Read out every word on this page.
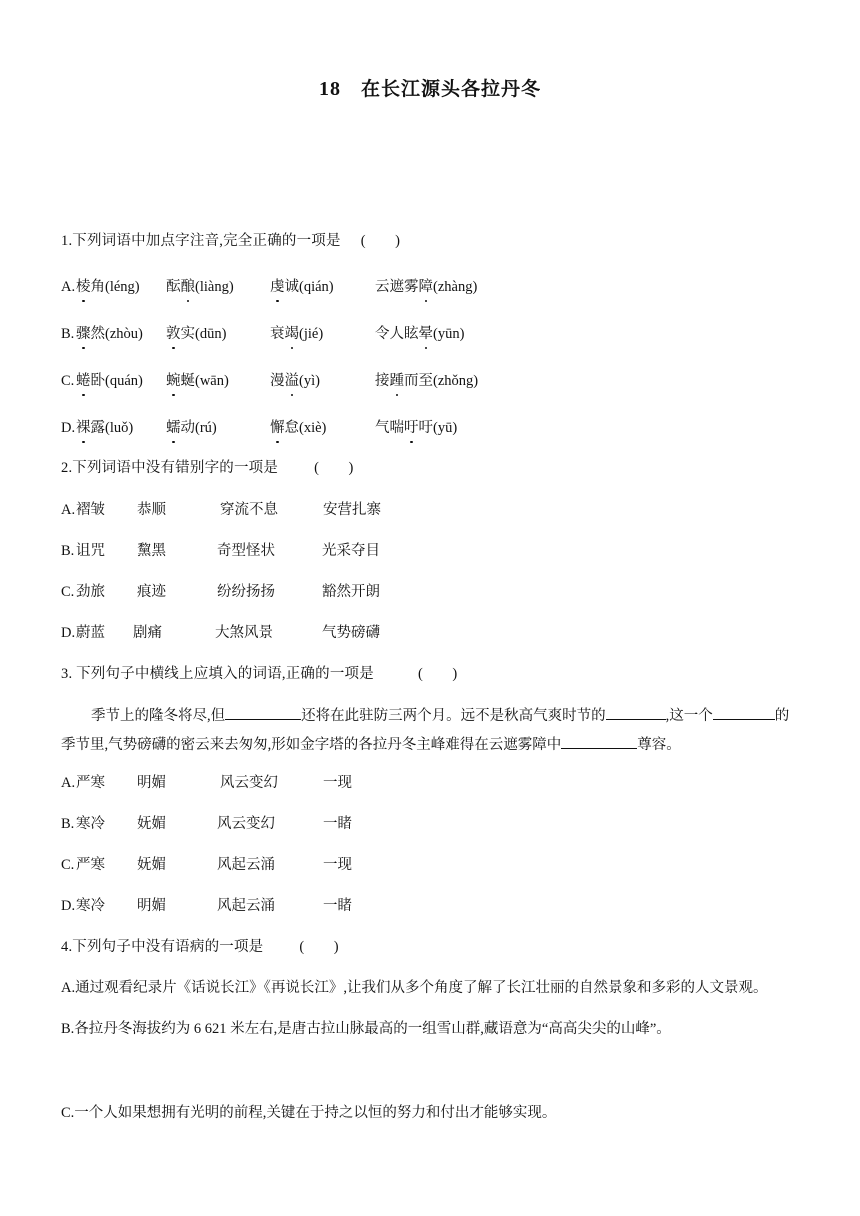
18 在长江源头各拉丹冬
1.下列词语中加点字注音,完全正确的一项是 (　　)
A. 棱角(léng) 酝酿(liàng)	虔诚(qián)	云遮雾障(zhàng)
B. 骤然(zhòu) 敦实(dūn)	衰竭(jié)	令人眩晕(yūn)
C. 蜷卧(quán) 蜿蜒(wān)	漫溢(yì)	接踵而至(zhǒng)
D. 裸露(luǒ) 蠕动(rú)	懈怠(xiè)	气喘吁吁(yū)
2.下列词语中没有错别字的一项是 (　　)
A. 褶皱 恭顺	穿流不息	安营扎寨
B. 诅咒 黧黑	奇型怪状	光采夺目
C. 劲旅 痕迹	纷纷扬扬	豁然开朗
D. 蔚蓝 剧痛	大煞风景	气势磅礴
3. 下列句子中横线上应填入的词语,正确的一项是	(　　)
季节上的隆冬将尽,但	还将在此驻防三两个月。远不是秋高气爽时节的	,这一个	的季节里,气势磅礴的密云来去匆匆,形如金字塔的各拉丹冬主峰难得在云遮雾障中	尊容。
A. 严寒 明媚	风云变幻	一现
B. 寒冷 妩媚	风云变幻	一睹
C. 严寒 妩媚	风起云涌	一现
D. 寒冷 明媚	风起云涌	一睹
4.下列句子中没有语病的一项是 (　　)
A.通过观看纪录片《话说长江》《再说长江》,让我们从多个角度了解了长江壮丽的自然景象和多彩的人文景观。
B.各拉丹冬海拔约为 6 621 米左右,是唐古拉山脉最高的一组雪山群,藏语意为“高高尖尖的山峰”。
C.一个人如果想拥有光明的前程,关键在于持之以恒的努力和付出才能够实现。
